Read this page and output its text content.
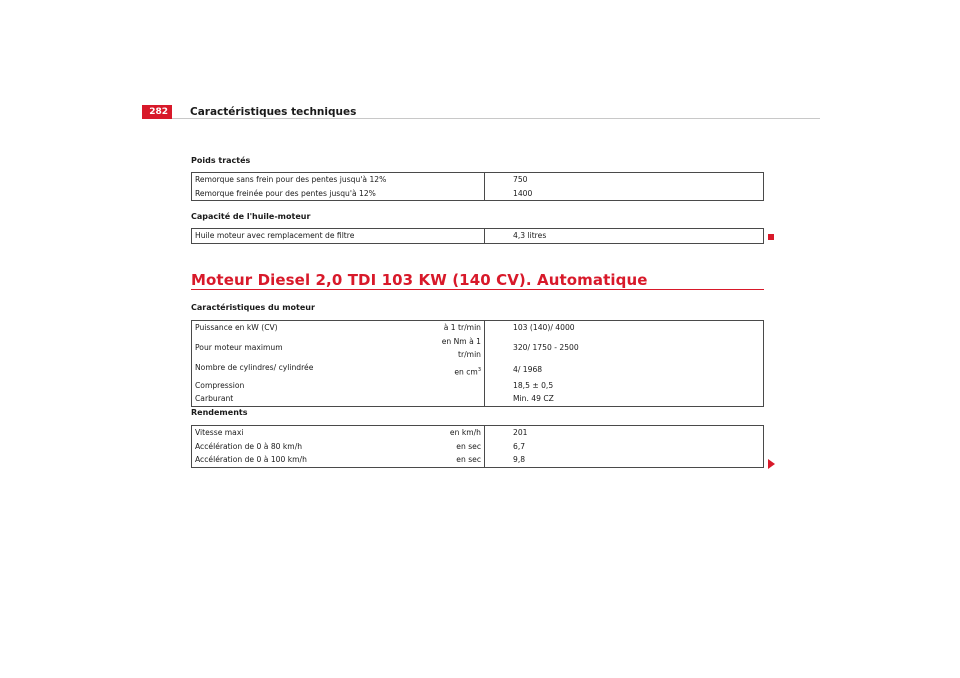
282	Caractéristiques techniques
Poids tractés
Remorque sans frein pour des pentes jusqu'à 12%		750
Remorque freinée pour des pentes jusqu'à 12%		1400
Capacité de l'huile-moteur
Huile moteur avec remplacement de filtre		4,3 litres
Moteur Diesel 2,0 TDI 103 KW (140 CV). Automatique
Caractéristiques du moteur
Puissance en kW (CV)	à 1 tr/min	103 (140)/ 4000
Pour moteur maximum	en Nm à 1 tr/min	320/ 1750 - 2500
Nombre de cylindres/ cylindrée	en $cm^3$	4/ 1968
Compression		18,5 ± 0,5
Carburant		Min. 49 CZ
Rendements
Vitesse maxi	en km/h	201
Accélération de 0 à 80 km/h	en sec	6,7
Accélération de 0 à 100 km/h	en sec	9,8
